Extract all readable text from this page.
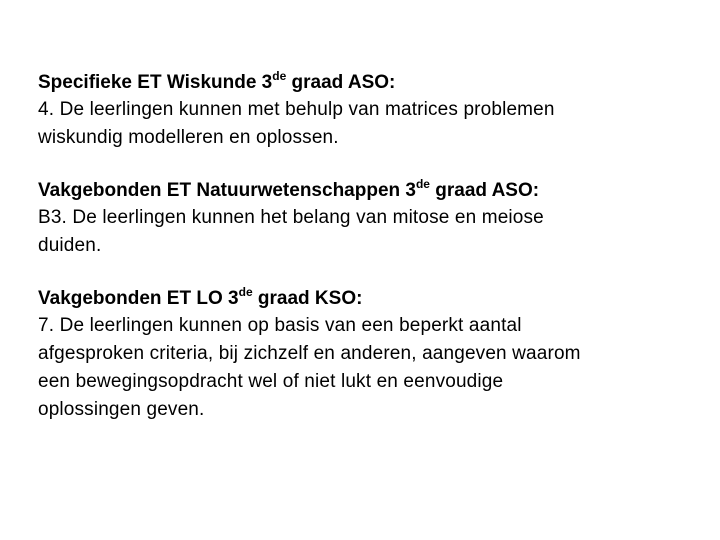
Specifieke ET Wiskunde 3de graad ASO:
4. De leerlingen kunnen met behulp van matrices problemen
wiskundig modelleren en oplossen.
Vakgebonden ET Natuurwetenschappen 3de graad ASO:
B3. De leerlingen kunnen het belang van mitose en meiose
duiden.
Vakgebonden ET LO 3de graad KSO:
7. De leerlingen kunnen op basis van een beperkt aantal
afgesproken criteria, bij zichzelf en anderen, aangeven waarom
een bewegingsopdracht wel of niet lukt en eenvoudige
oplossingen geven.
